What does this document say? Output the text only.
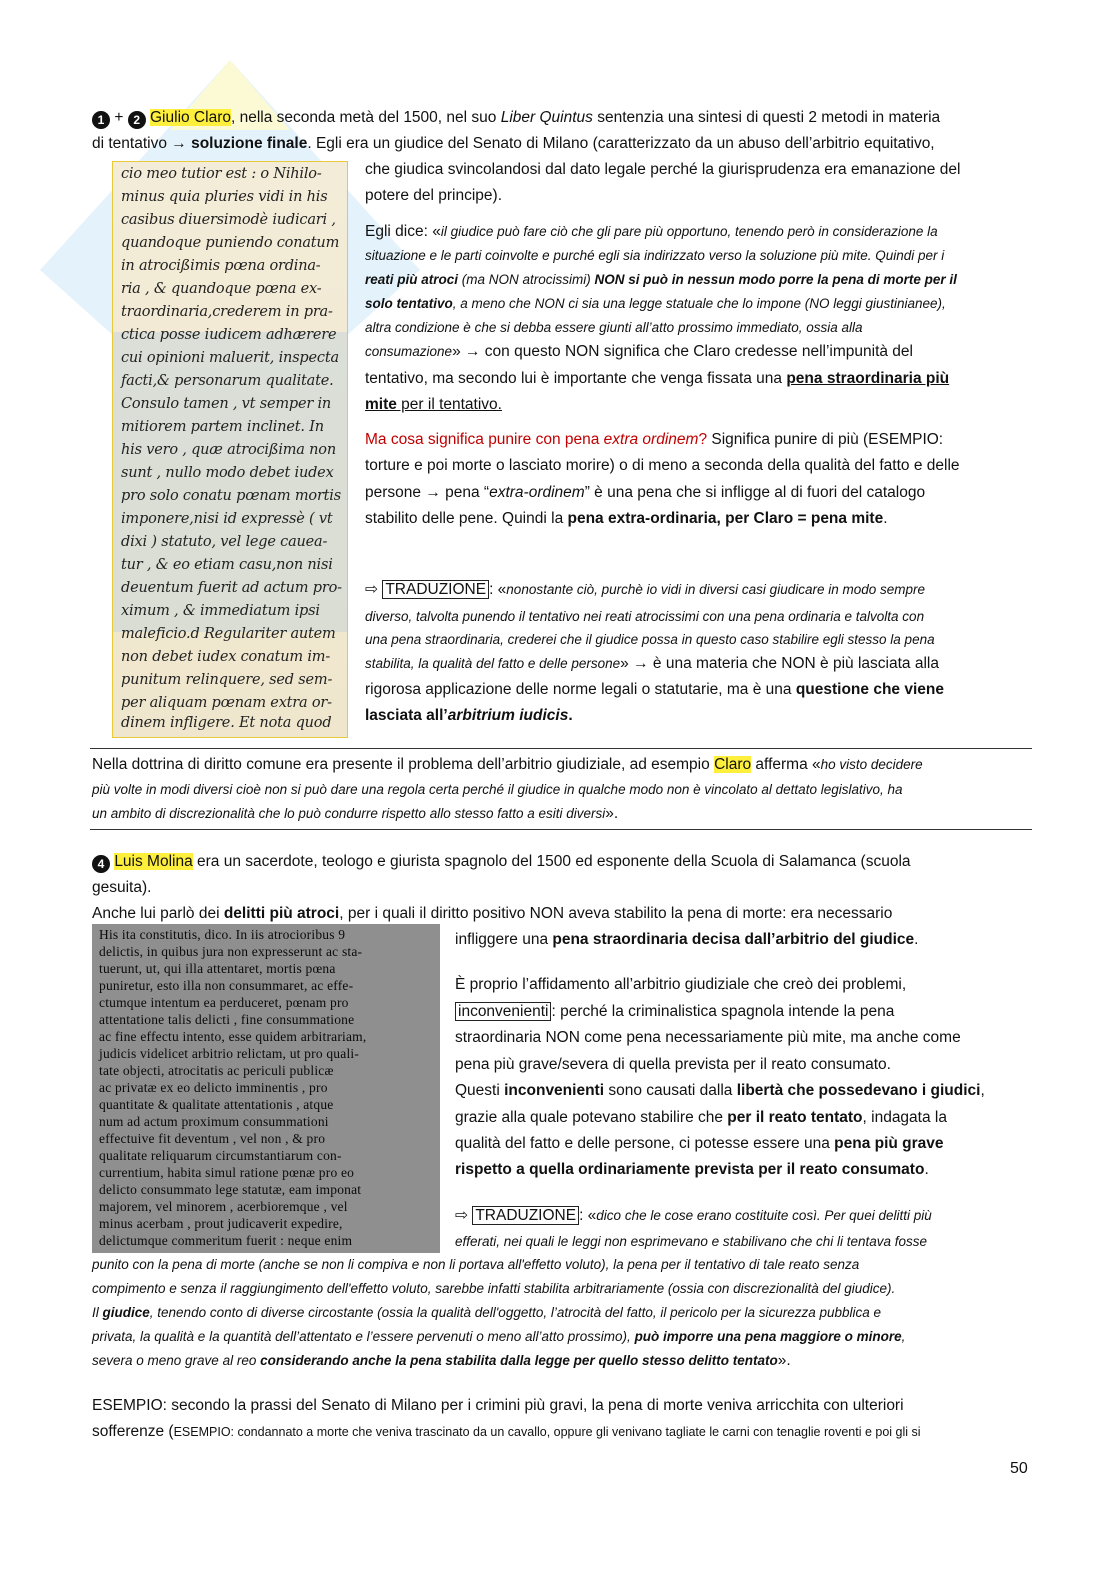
1 + 2 Giulio Claro, nella seconda metà del 1500, nel suo Liber Quintus sentenzia una sintesi di questi 2 metodi in materia
di tentativo → soluzione finale. Egli era un giudice del Senato di Milano (caratterizzato da un abuso dell’arbitrio equitativo,
cio meo tutior est : o Nihilo-
minus quia pluries vidi in his
casibus diuersimodè iudicari ,
quandoque puniendo conatum
in atrocißimis pœna ordina-
ria , & quandoque pœna ex-
traordinaria,crederem in pra-
ctica posse iudicem adhærere
cui opinioni maluerit, inspecta
facti,& personarum qualitate.
Consulo tamen , vt semper in
mitiorem partem inclinet. In
his vero , quæ atrocißima non
sunt , nullo modo debet iudex
pro solo conatu pœnam mortis
imponere,nisi id expressè ( vt
dixi ) statuto, vel lege cauea-
tur , & eo etiam casu,non nisi
deuentum fuerit ad actum pro-
ximum , & immediatum ipsi
maleficio.d Regulariter autem
non debet iudex conatum im-
punitum relinquere, sed sem-
per aliquam pœnam extra or-
dinem infligere. Et nota quod
che giudica svincolandosi dal dato legale perché la giurisprudenza era emanazione del
potere del principe).
Egli dice: «il giudice può fare ciò che gli pare più opportuno, tenendo però in considerazione la
situazione e le parti coinvolte e purché egli sia indirizzato verso la soluzione più mite. Quindi per i
reati più atroci (ma NON atrocissimi) NON si può in nessun modo porre la pena di morte per il
solo tentativo, a meno che NON ci sia una legge statuale che lo impone (NO leggi giustinianee),
altra condizione è che si debba essere giunti all’atto prossimo immediato, ossia alla
consumazione» → con questo NON significa che Claro credesse nell’impunità del
tentativo, ma secondo lui è importante che venga fissata una pena straordinaria più
mite per il tentativo.
Ma cosa significa punire con pena extra ordinem? Significa punire di più (ESEMPIO:
torture e poi morte o lasciato morire) o di meno a seconda della qualità del fatto e delle
persone → pena “extra-ordinem” è una pena che si infligge al di fuori del catalogo
stabilito delle pene. Quindi la pena extra-ordinaria, per Claro = pena mite.
⇨ TRADUZIONE : «nonostante ciò, purchè io vidi in diversi casi giudicare in modo sempre
diverso, talvolta punendo il tentativo nei reati atrocissimi con una pena ordinaria e talvolta con
una pena straordinaria, crederei che il giudice possa in questo caso stabilire egli stesso la pena
stabilita, la qualità del fatto e delle persone» → è una materia che NON è più lasciata alla
rigorosa applicazione delle norme legali o statutarie, ma è una questione che viene
lasciata all’arbitrium iudicis.
Nella dottrina di diritto comune era presente il problema dell’arbitrio giudiziale, ad esempio Claro afferma «ho visto decidere
più volte in modi diversi cioè non si può dare una regola certa perché il giudice in qualche modo non è vincolato al dettato legislativo, ha
un ambito di discrezionalità che lo può condurre rispetto allo stesso fatto a esiti diversi».
4 Luis Molina era un sacerdote, teologo e giurista spagnolo del 1500 ed esponente della Scuola di Salamanca (scuola
gesuita).
Anche lui parlò dei delitti più atroci, per i quali il diritto positivo NON aveva stabilito la pena di morte: era necessario
His ita constitutis, dico. In iis atrocioribus 9
delictis, in quibus jura non expresserunt ac sta-
tuerunt, ut, qui illa attentaret, mortis pœna
puniretur, esto illa non consummaret, ac effe-
ctumque intentum ea perduceret, pœnam pro
attentatione talis delicti , fine consummatione
ac fine effectu intento, esse quidem arbitrariam,
judicis videlicet arbitrio relictam, ut pro quali-
tate objecti, atrocitatis ac periculi publicæ
ac privatæ ex eo delicto imminentis , pro
quantitate & qualitate attentationis , atque
num ad actum proximum consummationi
effectuive fit deventum , vel non , & pro
qualitate reliquarum circumstantiarum con-
currentium, habita simul ratione pœnæ pro eo
delicto consummato lege statutæ, eam imponat
majorem, vel minorem , acerbioremque , vel
minus acerbam , prout judicaverit expedire,
delictumque commeritum fuerit : neque enim
infliggere una pena straordinaria decisa dall’arbitrio del giudice.
È proprio l’affidamento all’arbitrio giudiziale che creò dei problemi,
inconvenienti : perché la criminalistica spagnola intende la pena
straordinaria NON come pena necessariamente più mite, ma anche come
pena più grave/severa di quella prevista per il reato consumato.
Questi inconvenienti sono causati dalla libertà che possedevano i giudici,
grazie alla quale potevano stabilire che per il reato tentato, indagata la
qualità del fatto e delle persone, ci potesse essere una pena più grave
rispetto a quella ordinariamente prevista per il reato consumato.
⇨ TRADUZIONE : «dico che le cose erano costituite così. Per quei delitti più
efferati, nei quali le leggi non esprimevano e stabilivano che chi li tentava fosse
punito con la pena di morte (anche se non li compiva e non li portava all'effetto voluto), la pena per il tentativo di tale reato senza
compimento e senza il raggiungimento dell'effetto voluto, sarebbe infatti stabilita arbitrariamente (ossia con discrezionalità del giudice).
Il giudice, tenendo conto di diverse circostante (ossia la qualità dell'oggetto, l’atrocità del fatto, il pericolo per la sicurezza pubblica e
privata, la qualità e la quantità dell’attentato e l’essere pervenuti o meno all’atto prossimo), può imporre una pena maggiore o minore,
severa o meno grave al reo considerando anche la pena stabilita dalla legge per quello stesso delitto tentato».
ESEMPIO: secondo la prassi del Senato di Milano per i crimini più gravi, la pena di morte veniva arricchita con ulteriori
sofferenze (ESEMPIO: condannato a morte che veniva trascinato da un cavallo, oppure gli venivano tagliate le carni con tenaglie roventi e poi gli si
50
